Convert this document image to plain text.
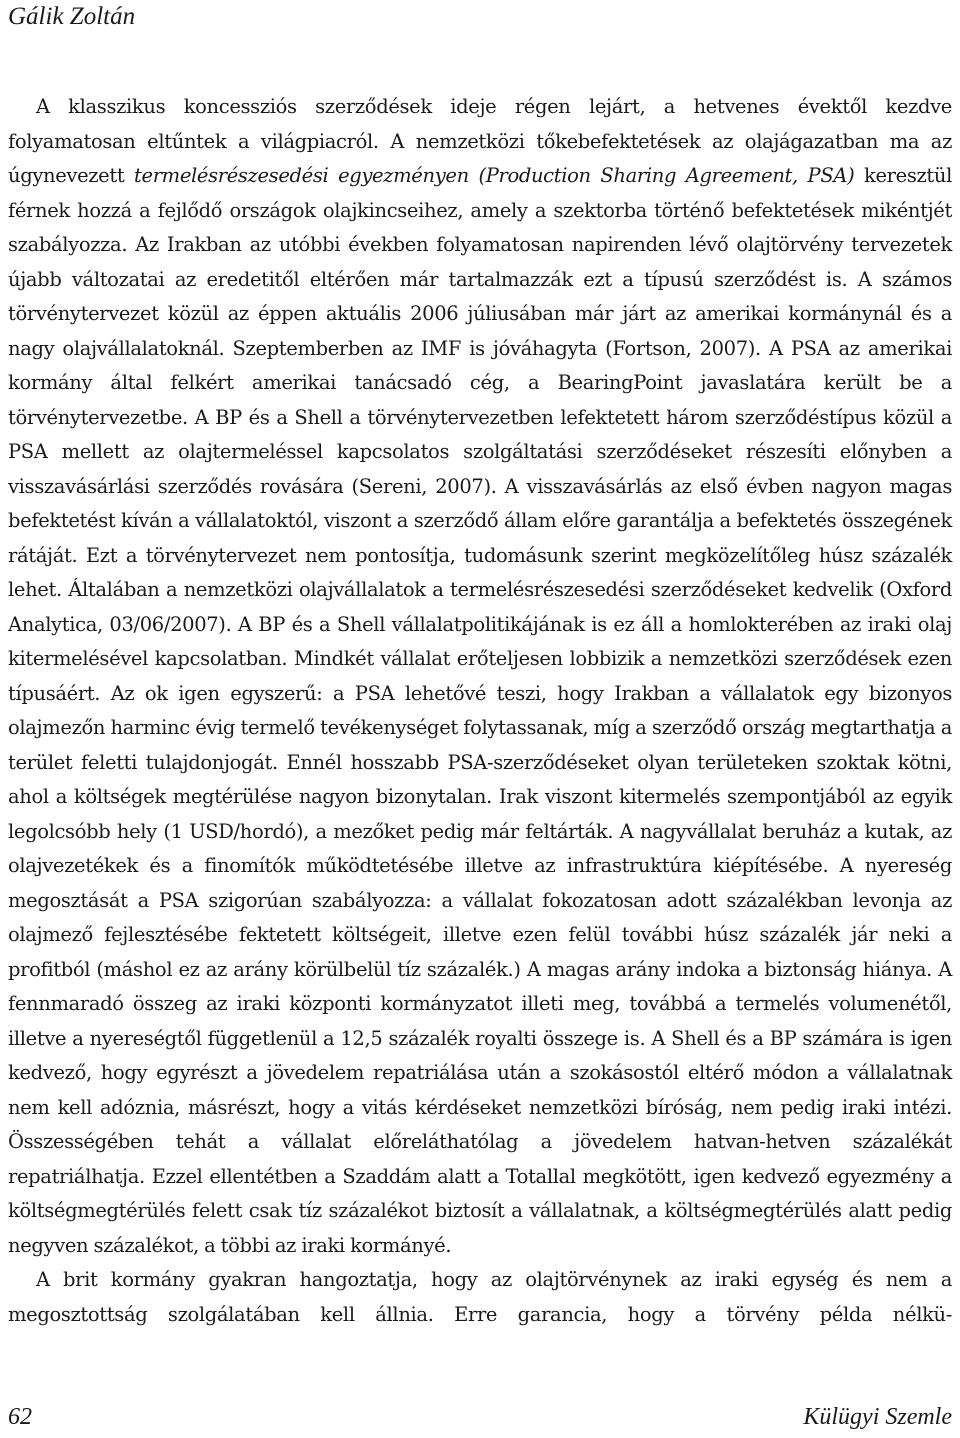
Gálik Zoltán

A klasszikus koncessziós szerződések ideje régen lejárt, a hetvenes évektől kezdve folyamatosan eltűntek a világpiacról. A nemzetközi tőkebefektetések az olajágazatban ma az úgynevezett termelésrészesedési egyezményen (Production Sharing Agreement, PSA) keresztül férnek hozzá a fejlődő országok olajkincseihez, amely a szektorba történő befektetések mikéntjét szabályozza. Az Irakban az utóbbi években folyamatosan napirenden lévő olajtörvény tervezetek újabb változatai az eredetitől eltérően már tartalmazzák ezt a típusú szerződést is. A számos törvénytervezet közül az éppen aktuális 2006 júliusában már járt az amerikai kormánynál és a nagy olajvállalatoknál. Szeptemberben az IMF is jóváhagyta (Fortson, 2007). A PSA az amerikai kormány által felkért amerikai tanácsadó cég, a BearingPoint javaslatára került be a törvénytervezetbe. A BP és a Shell a törvénytervezetben lefektetett három szerződéstípus közül a PSA mellett az olajtermeléssel kapcsolatos szolgáltatási szerződéseket részesíti előnyben a visszavásárlási szerződés rovására (Sereni, 2007). A visszavásárlás az első évben nagyon magas befektetést kíván a vállalatoktól, viszont a szerződő állam előre garantálja a befektetés összegének rátáját. Ezt a törvénytervezet nem pontosítja, tudomásunk szerint megközelítőleg húsz százalék lehet. Általában a nemzetközi olajvállalatok a termelésrészesedési szerződéseket kedvelik (Oxford Analytica, 03/06/2007). A BP és a Shell vállalatpolitikájának is ez áll a homlokterében az iraki olaj kitermelésével kapcsolatban. Mindkét vállalat erőteljesen lobbizik a nemzetközi szerződések ezen típusáért. Az ok igen egyszerű: a PSA lehetővé teszi, hogy Irakban a vállalatok egy bizonyos olajmezőn harminc évig termelő tevékenységet folytassanak, míg a szerződő ország megtarthatja a terület feletti tulajdonjogát. Ennél hosszabb PSA-szerződéseket olyan területeken szoktak kötni, ahol a költségek megtérülése nagyon bizonytalan. Irak viszont kitermelés szempontjából az egyik legolcsóbb hely (1 USD/hordó), a mezőket pedig már feltárták. A nagyvállalat beruház a kutak, az olajvezetékek és a finomítók működtetésébe illetve az infrastruktúra kiépítésébe. A nyereség megosztását a PSA szigorúan szabályozza: a vállalat fokozatosan adott százalékban levonja az olajmező fejlesztésébe fektetett költségeit, illetve ezen felül további húsz százalék jár neki a profitból (máshol ez az arány körülbelül tíz százalék.) A magas arány indoka a biztonság hiánya. A fennmaradó összeg az iraki központi kormányzatot illeti meg, továbbá a termelés volumenétől, illetve a nyereségtől függetlenül a 12,5 százalék royalti összege is. A Shell és a BP számára is igen kedvező, hogy egyrészt a jövedelem repatriálása után a szokásostól eltérő módon a vállalatnak nem kell adóznia, másrészt, hogy a vitás kérdéseket nemzetközi bíróság, nem pedig iraki intézi. Összességében tehát a vállalat előreláthatólag a jövedelem hatvan-hetven százalékát repatriálhatja. Ezzel ellentétben a Szaddám alatt a Totallal megkötött, igen kedvező egyezmény a költségmegtérülés felett csak tíz százalékot biztosít a vállalatnak, a költségmegtérülés alatt pedig negyven százalékot, a többi az iraki kormányé.

A brit kormány gyakran hangoztatja, hogy az olajtörvénynek az iraki egység és nem a megosztottság szolgálatában kell állnia. Erre garancia, hogy a törvény példa nélkü-

62	Külügyi Szemle
